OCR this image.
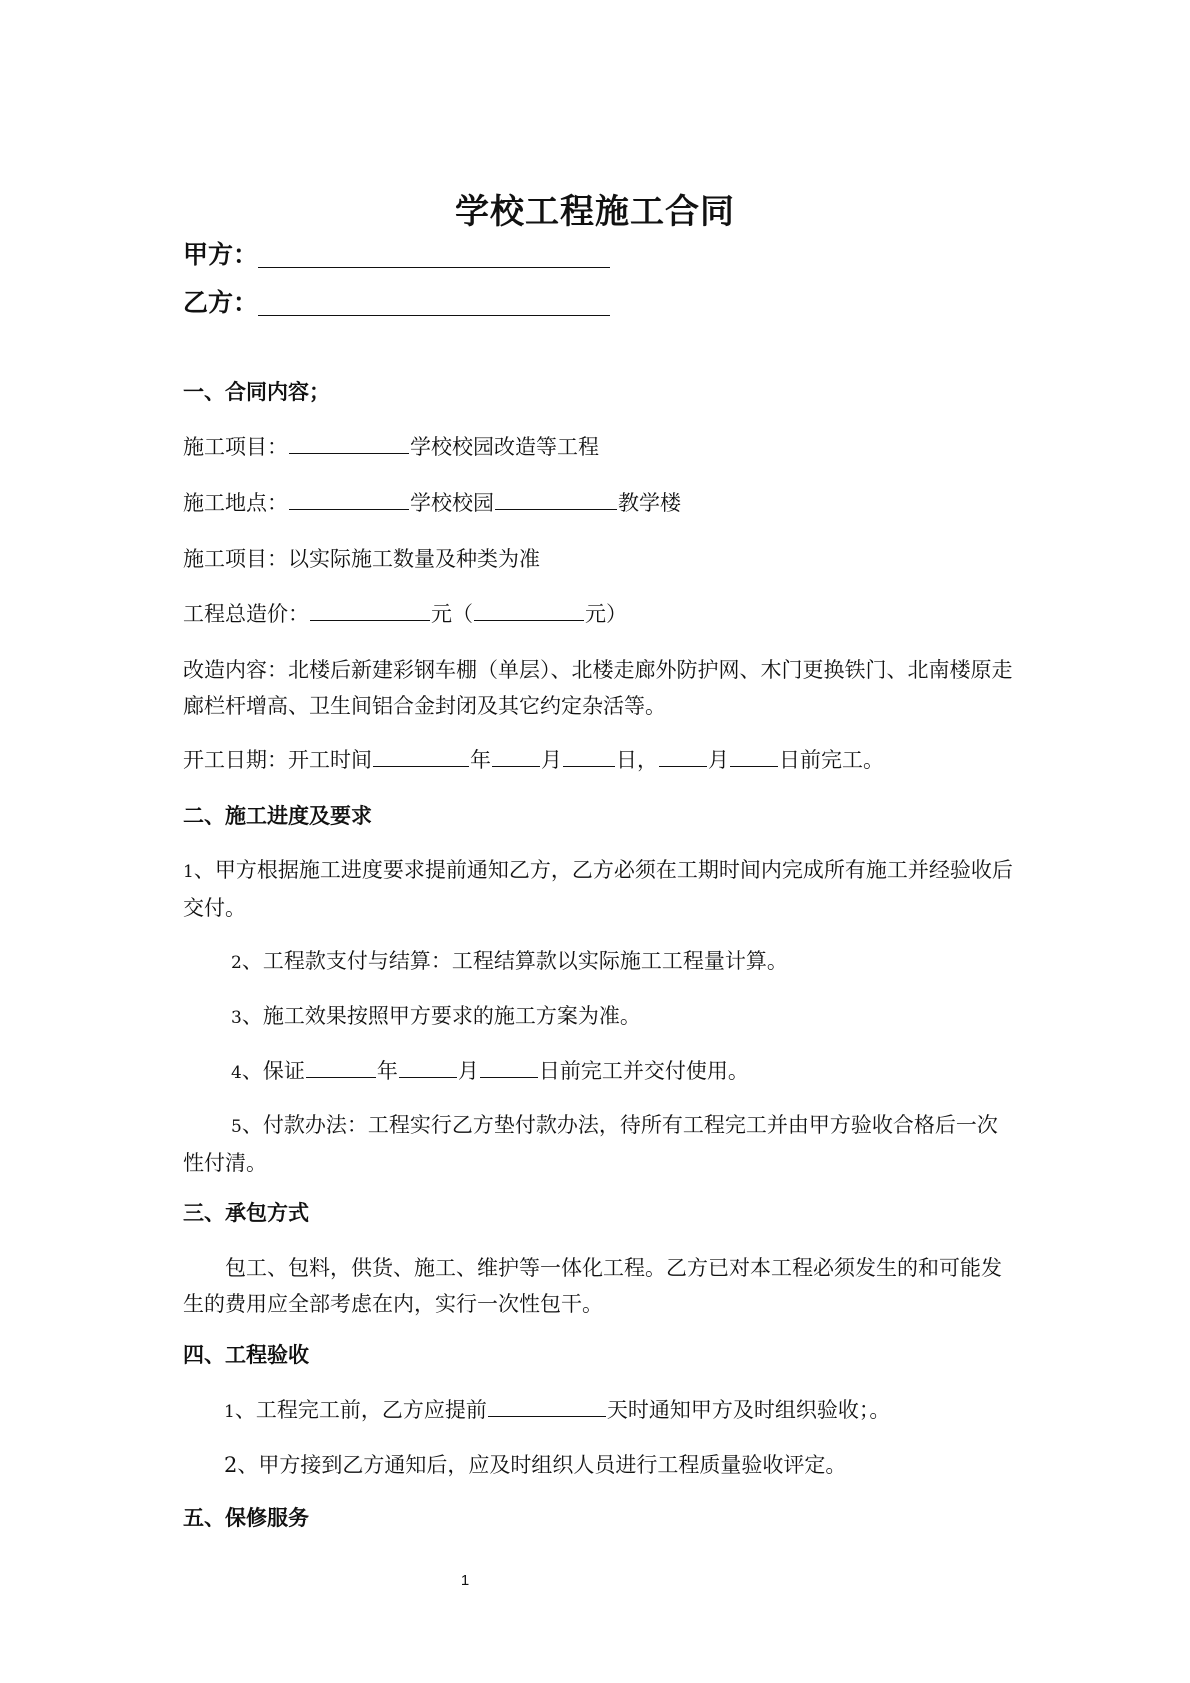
学校工程施工合同
甲方：
乙方：
一、合同内容；
施工项目：	学校校园改造等工程
施工地点：	学校校园	教学楼
施工项目：以实际施工数量及种类为准
工程总造价：	元（	元）
改造内容：北楼后新建彩钢车棚（单层）、北楼走廊外防护网、木门更换铁门、北南楼原走廊栏杆增高、卫生间铝合金封闭及其它约定杂活等。
开工日期：开工时间	年 月	日， 月 日前完工。
二、施工进度及要求
1、甲方根据施工进度要求提前通知乙方，乙方必须在工期时间内完成所有施工并经验收后交付。
2、工程款支付与结算：工程结算款以实际施工工程量计算。
3、施工效果按照甲方要求的施工方案为准。
4、保证	年	月	日前完工并交付使用。
5、付款办法：工程实行乙方垫付款办法，待所有工程完工并由甲方验收合格后一次性付清。
三、承包方式
包工、包料，供货、施工、维护等一体化工程。乙方已对本工程必须发生的和可能发生的费用应全部考虑在内，实行一次性包干。
四、工程验收
1、工程完工前，乙方应提前	天时通知甲方及时组织验收；。
2、甲方接到乙方通知后，应及时组织人员进行工程质量验收评定。
五、保修服务
1
